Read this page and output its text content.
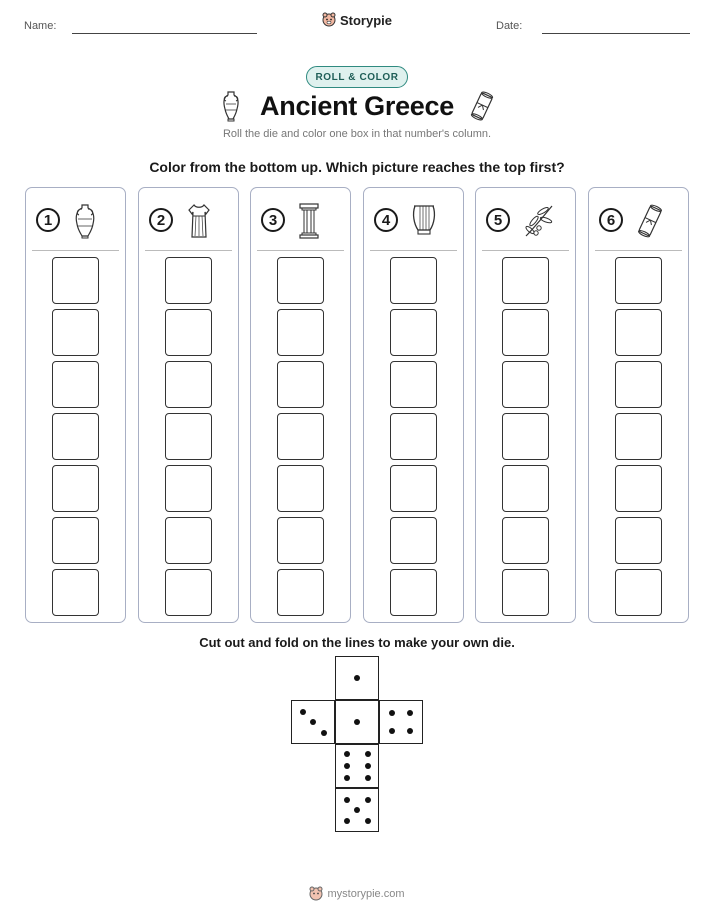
Name:	Storypie	Date:
ROLL & COLOR
Ancient Greece
Roll the die and color one box in that number's column.
Color from the bottom up. Which picture reaches the top first?
1	2	3	4	5	6
Cut out and fold on the lines to make your own die.
mystorypie.com
